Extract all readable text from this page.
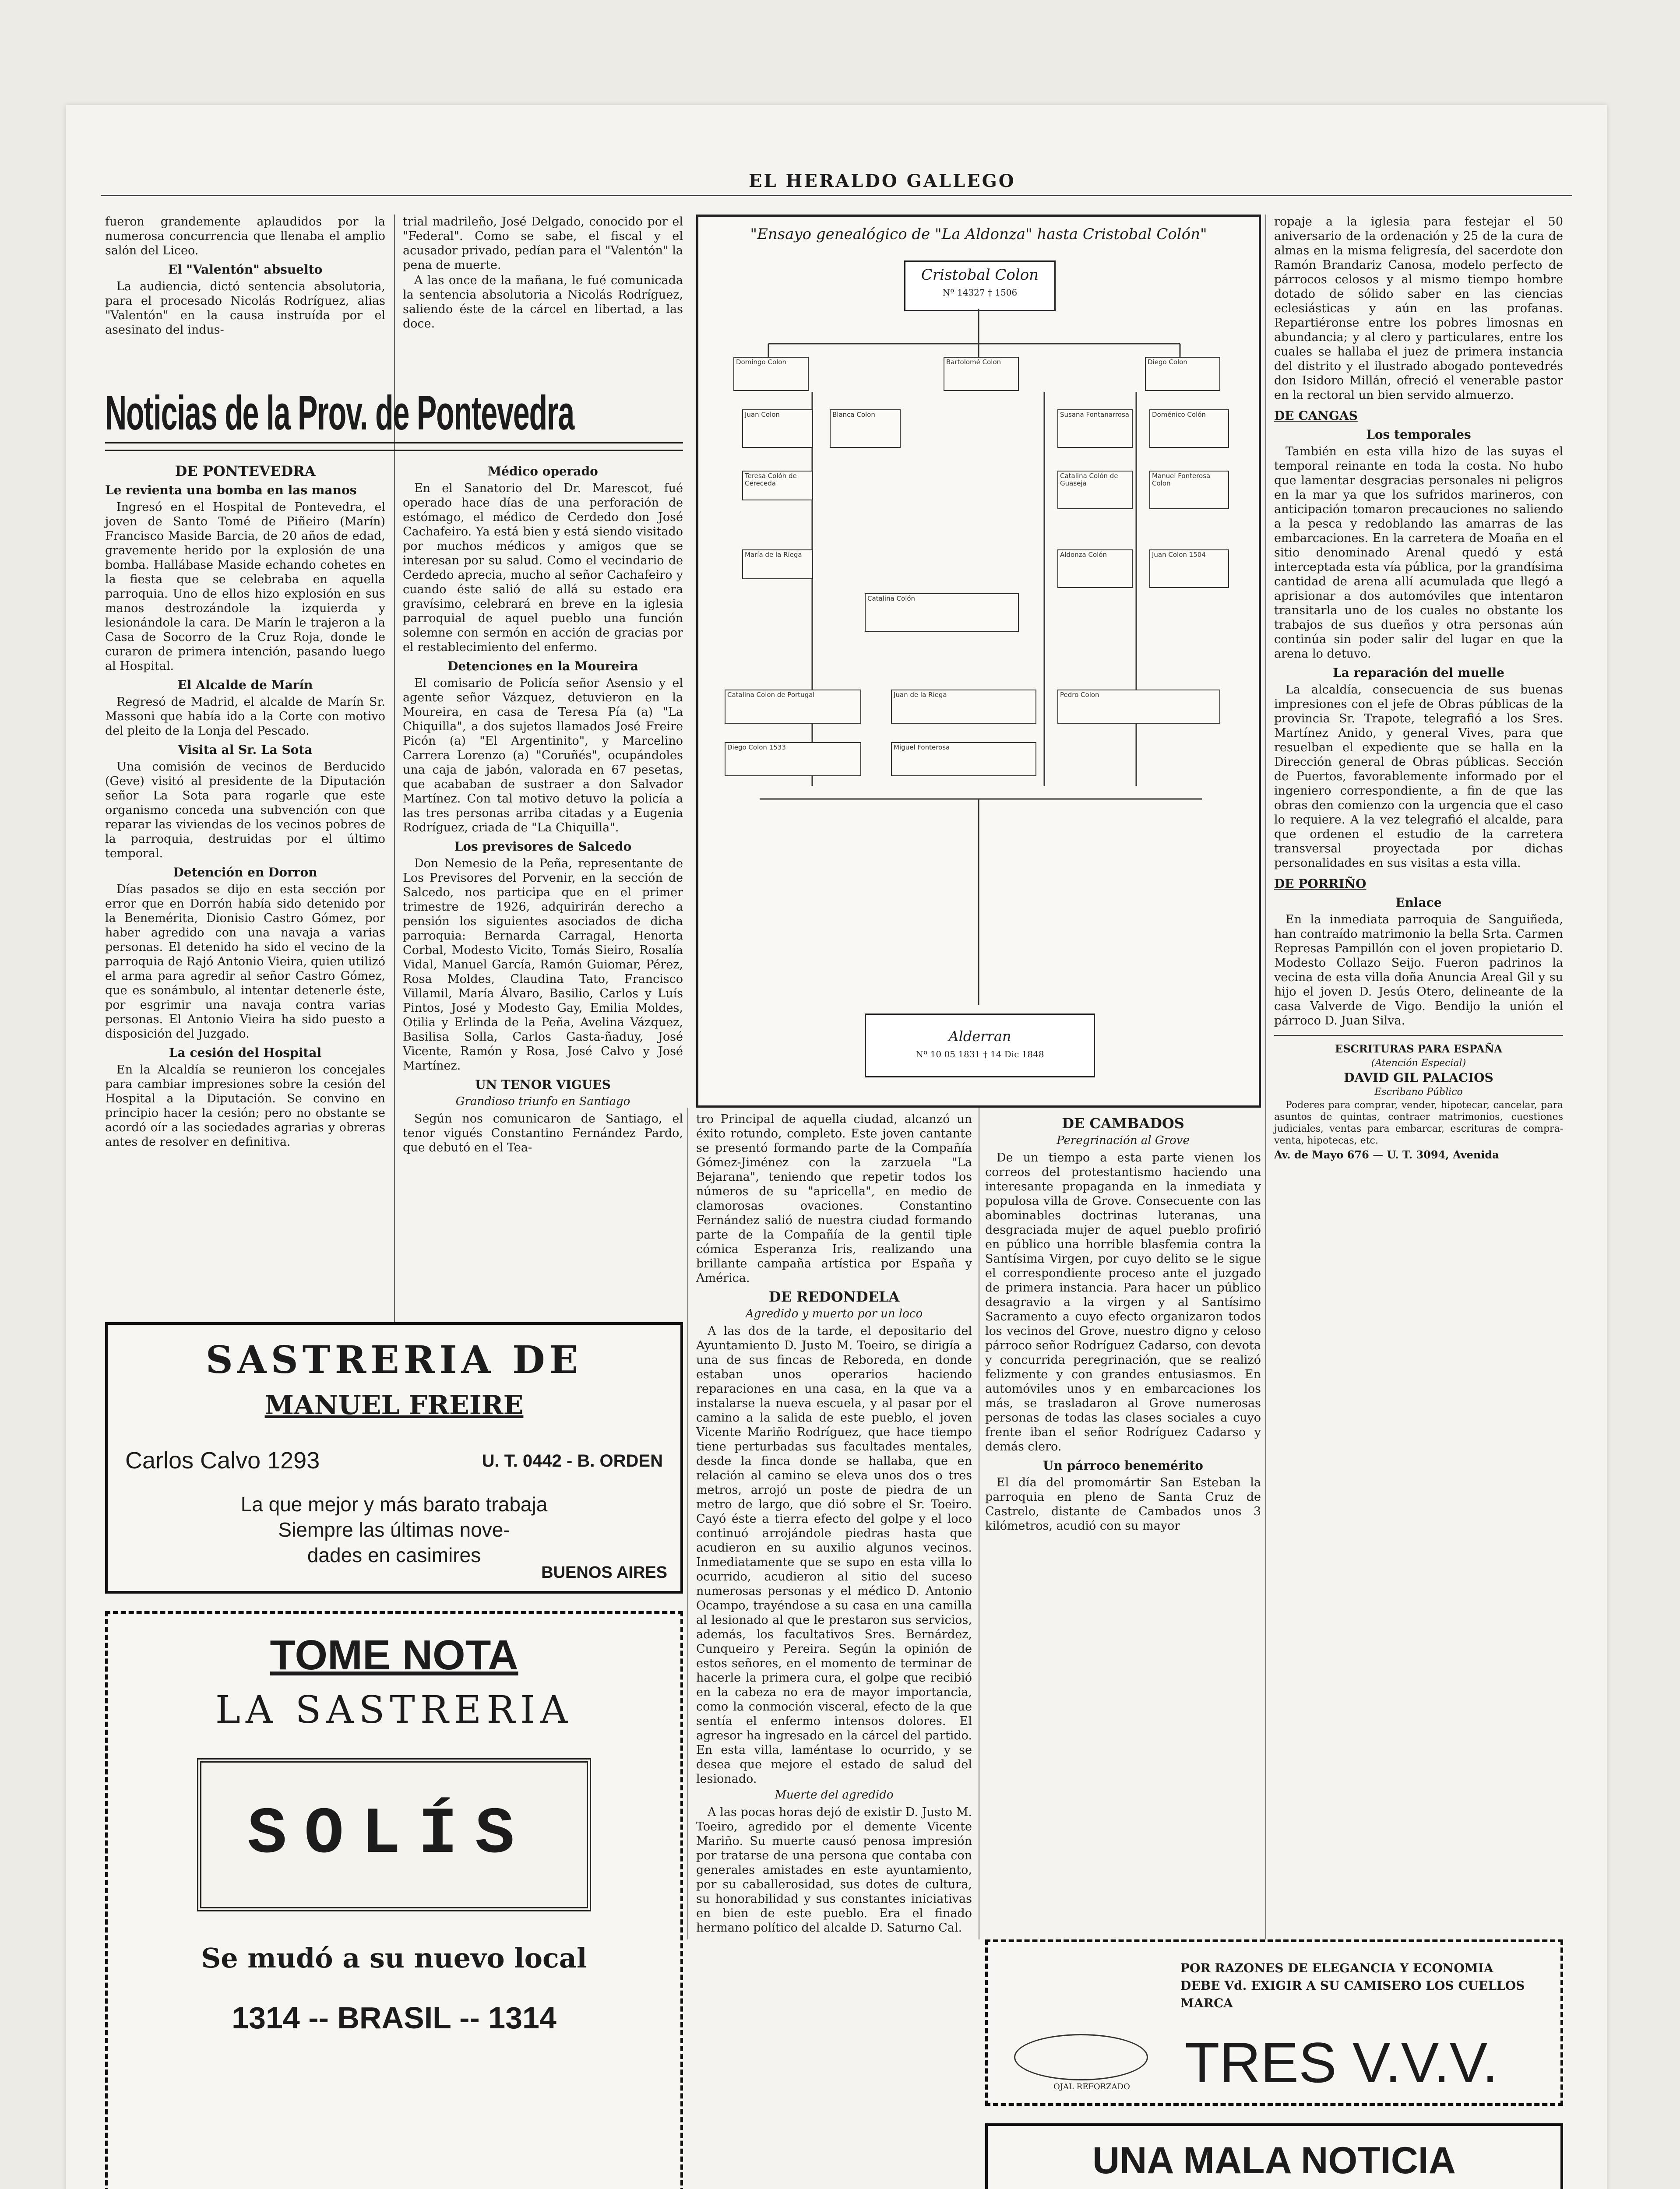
EL HERALDO GALLEGO

fueron grandemente aplaudidos por la numerosa concurrencia que llenaba el amplio salón del Liceo.

El "Valentón" absuelto

La audiencia, dictó sentencia absolutoria, para el procesado Nicolás Rodríguez, alias "Valentón" en la causa instruída por el asesinato del indus-

trial madrileño, José Delgado, conocido por el "Federal". Como se sabe, el fiscal y el acusador privado, pedían para el "Valentón" la pena de muerte.

A las once de la mañana, le fué comunicada la sentencia absolutoria a Nicolás Rodríguez, saliendo éste de la cárcel en libertad, a las doce.

Noticias de la Prov. de Pontevedra
DE PONTEVEDRA
Le revienta una bomba en las manos

Ingresó en el Hospital de Pontevedra, el joven de Santo Tomé de Piñeiro (Marín) Francisco Maside Barcia, de 20 años de edad, gravemente herido por la explosión de una bomba. Hallábase Maside echando cohetes en la fiesta que se celebraba en aquella parroquia. Uno de ellos hizo explosión en sus manos destrozándole la izquierda y lesionándole la cara. De Marín le trajeron a la Casa de Socorro de la Cruz Roja, donde le curaron de primera intención, pasando luego al Hospital.

El Alcalde de Marín

Regresó de Madrid, el alcalde de Marín Sr. Massoni que había ido a la Corte con motivo del pleito de la Lonja del Pescado.

Visita al Sr. La Sota

Una comisión de vecinos de Berducido (Geve) visitó al presidente de la Diputación señor La Sota para rogarle que este organismo conceda una subvención con que reparar las viviendas de los vecinos pobres de la parroquia, destruidas por el último temporal.

Detención en Dorron

Días pasados se dijo en esta sección por error que en Dorrón había sido detenido por la Benemérita, Dionisio Castro Gómez, por haber agredido con una navaja a varias personas. El detenido ha sido el vecino de la parroquia de Rajó Antonio Vieira, quien utilizó el arma para agredir al señor Castro Gómez, que es sonámbulo, al intentar detenerle éste, por esgrimir una navaja contra varias personas. El Antonio Vieira ha sido puesto a disposición del Juzgado.

La cesión del Hospital

En la Alcaldía se reunieron los concejales para cambiar impresiones sobre la cesión del Hospital a la Diputación. Se convino en principio hacer la cesión; pero no obstante se acordó oír a las sociedades agrarias y obreras antes de resolver en definitiva.

Médico operado

En el Sanatorio del Dr. Marescot, fué operado hace días de una perforación de estómago, el médico de Cerdedo don José Cachafeiro. Ya está bien y está siendo visitado por muchos médicos y amigos que se interesan por su salud. Como el vecindario de Cerdedo aprecia, mucho al señor Cachafeiro y cuando éste salió de allá su estado era gravísimo, celebrará en breve en la iglesia parroquial de aquel pueblo una función solemne con sermón en acción de gracias por el restablecimiento del enfermo.

Detenciones en la Moureira

El comisario de Policía señor Asensio y el agente señor Vázquez, detuvieron en la Moureira, en casa de Teresa Pía (a) "La Chiquilla", a dos sujetos llamados José Freire Picón (a) "El Argentinito", y Marcelino Carrera Lorenzo (a) "Coruñés", ocupándoles una caja de jabón, valorada en 67 pesetas, que acababan de sustraer a don Salvador Martínez. Con tal motivo detuvo la policía a las tres personas arriba citadas y a Eugenia Rodríguez, criada de "La Chiquilla".

Los previsores de Salcedo

Don Nemesio de la Peña, representante de Los Previsores del Porvenir, en la sección de Salcedo, nos participa que en el primer trimestre de 1926, adquirirán derecho a pensión los siguientes asociados de dicha parroquia: Bernarda Carragal, Henorta Corbal, Modesto Vicito, Tomás Sieiro, Rosalía Vidal, Manuel García, Ramón Guiomar, Pérez, Rosa Moldes, Claudina Tato, Francisco Villamil, María Álvaro, Basilio, Carlos y Luís Pintos, José y Modesto Gay, Emilia Moldes, Otilia y Erlinda de la Peña, Avelina Vázquez, Basilisa Solla, Carlos Gasta-ñaduy, José Vicente, Ramón y Rosa, José Calvo y José Martínez.

UN TENOR VIGUES
Grandioso triunfo en Santiago

Según nos comunicaron de Santiago, el tenor vigués Constantino Fernández Pardo, que debutó en el Tea-

"Ensayo genealógico de "La Aldonza" hasta Cristobal Colón"
Cristobal Colon
Nº 14327 † 1506
Domingo Colon	Bartolomé Colon	Diego Colon
Juan Colon	Blanca Colon	Susana Fontanarrosa	Doménico Colón
Teresa Colón de Cereceda
Catalina Colón de Guaseja
Manuel Fonterosa Colon
María de la Riega
Catalina Colón
Aldonza Colón	Juan Colon 1504
Catalina Colon de Portugal	Juan de la Riega	Pedro Colon
Diego Colon 1533	Miguel Fonterosa
Alderran
Nº 10 05 1831 † 14 Dic 1848

ropaje a la iglesia para festejar el 50 aniversario de la ordenación y 25 de la cura de almas en la misma feligresía, del sacerdote don Ramón Brandariz Canosa, modelo perfecto de párrocos celosos y al mismo tiempo hombre dotado de sólido saber en las ciencias eclesiásticas y aún en las profanas. Repartiéronse entre los pobres limosnas en abundancia; y al clero y particulares, entre los cuales se hallaba el juez de primera instancia del distrito y el ilustrado abogado pontevedrés don Isidoro Millán, ofreció el venerable pastor en la rectoral un bien servido almuerzo.

DE CANGAS
Los temporales

También en esta villa hizo de las suyas el temporal reinante en toda la costa. No hubo que lamentar desgracias personales ni peligros en la mar ya que los sufridos marineros, con anticipación tomaron precauciones no saliendo a la pesca y redoblando las amarras de las embarcaciones. En la carretera de Moaña en el sitio denominado Arenal quedó y está interceptada esta vía pública, por la grandísima cantidad de arena allí acumulada que llegó a aprisionar a dos automóviles que intentaron transitarla uno de los cuales no obstante los trabajos de sus dueños y otra personas aún continúa sin poder salir del lugar en que la arena lo detuvo.

La reparación del muelle

La alcaldía, consecuencia de sus buenas impresiones con el jefe de Obras públicas de la provincia Sr. Trapote, telegrafió a los Sres. Martínez Anido, y general Vives, para que resuelban el expediente que se halla en la Dirección general de Obras públicas. Sección de Puertos, favorablemente informado por el ingeniero correspondiente, a fin de que las obras den comienzo con la urgencia que el caso lo requiere. A la vez telegrafió el alcalde, para que ordenen el estudio de la carretera transversal proyectada por dichas personalidades en sus visitas a esta villa.

DE PORRIÑO
Enlace

En la inmediata parroquia de Sanguiñeda, han contraído matrimonio la bella Srta. Carmen Represas Pampillón con el joven propietario D. Modesto Collazo Seijo. Fueron padrinos la vecina de esta villa doña Anuncia Areal Gil y su hijo el joven D. Jesús Otero, delineante de la casa Valverde de Vigo. Bendijo la unión el párroco D. Juan Silva.

ESCRITURAS PARA ESPAÑA
(Atención Especial)
DAVID GIL PALACIOS
Escribano Público

Poderes para comprar, vender, hipotecar, cancelar, para asuntos de quintas, contraer matrimonios, cuestiones judiciales, ventas para embarcar, escrituras de compra-venta, hipotecas, etc.

Av. de Mayo 676 — U. T. 3094, Avenida

tro Principal de aquella ciudad, alcanzó un éxito rotundo, completo. Este joven cantante se presentó formando parte de la Compañía Gómez-Jiménez con la zarzuela "La Bejarana", teniendo que repetir todos los números de su "apricella", en medio de clamorosas ovaciones. Constantino Fernández salió de nuestra ciudad formando parte de la Compañía de la gentil tiple cómica Esperanza Iris, realizando una brillante campaña artística por España y América.

DE REDONDELA
Agredido y muerto por un loco

A las dos de la tarde, el depositario del Ayuntamiento D. Justo M. Toeiro, se dirigía a una de sus fincas de Reboreda, en donde estaban unos operarios haciendo reparaciones en una casa, en la que va a instalarse la nueva escuela, y al pasar por el camino a la salida de este pueblo, el joven Vicente Mariño Rodríguez, que hace tiempo tiene perturbadas sus facultades mentales, desde la finca donde se hallaba, que en relación al camino se eleva unos dos o tres metros, arrojó un poste de piedra de un metro de largo, que dió sobre el Sr. Toeiro. Cayó éste a tierra efecto del golpe y el loco continuó arrojándole piedras hasta que acudieron en su auxilio algunos vecinos. Inmediatamente que se supo en esta villa lo ocurrido, acudieron al sitio del suceso numerosas personas y el médico D. Antonio Ocampo, trayéndose a su casa en una camilla al lesionado al que le prestaron sus servicios, además, los facultativos Sres. Bernárdez, Cunqueiro y Pereira. Según la opinión de estos señores, en el momento de terminar de hacerle la primera cura, el golpe que recibió en la cabeza no era de mayor importancia, como la conmoción visceral, efecto de la que sentía el enfermo intensos dolores. El agresor ha ingresado en la cárcel del partido. En esta villa, laméntase lo ocurrido, y se desea que mejore el estado de salud del lesionado.

Muerte del agredido

A las pocas horas dejó de existir D. Justo M. Toeiro, agredido por el demente Vicente Mariño. Su muerte causó penosa impresión por tratarse de una persona que contaba con generales amistades en este ayuntamiento, por su caballerosidad, sus dotes de cultura, su honorabilidad y sus constantes iniciativas en bien de este pueblo. Era el finado hermano político del alcalde D. Saturno Cal.

DE CAMBADOS
Peregrinación al Grove

De un tiempo a esta parte vienen los correos del protestantismo haciendo una interesante propaganda en la inmediata y populosa villa de Grove. Consecuente con las abominables doctrinas luteranas, una desgraciada mujer de aquel pueblo profirió en público una horrible blasfemia contra la Santísima Virgen, por cuyo delito se le sigue el correspondiente proceso ante el juzgado de primera instancia. Para hacer un público desagravio a la virgen y al Santísimo Sacramento a cuyo efecto organizaron todos los vecinos del Grove, nuestro digno y celoso párroco señor Rodríguez Cadarso, con devota y concurrida peregrinación, que se realizó felizmente y con grandes entusiasmos. En automóviles unos y en embarcaciones los más, se trasladaron al Grove numerosas personas de todas las clases sociales a cuyo frente iban el señor Rodríguez Cadarso y demás clero.

Un párroco benemérito

El día del promomártir San Esteban la parroquia en pleno de Santa Cruz de Castrelo, distante de Cambados unos 3 kilómetros, acudió con su mayor

SASTRERIA DE
MANUEL FREIRE
Carlos Calvo 1293	U. T. 0442 - B. ORDEN
La que mejor y más barato trabaja
Siempre las últimas nove-
dades en casimires
BUENOS AIRES
TOME NOTA
LA SASTRERIA
SOLÍS
Se mudó a su nuevo local
1314 -- BRASIL -- 1314
POR RAZONES DE ELEGANCIA Y ECONOMIA DEBE Vd. EXIGIR A SU CAMISERO LOS CUELLOS MARCA
OJAL REFORZADO TRES V.V.V.
UNA MALA NOTICIA
